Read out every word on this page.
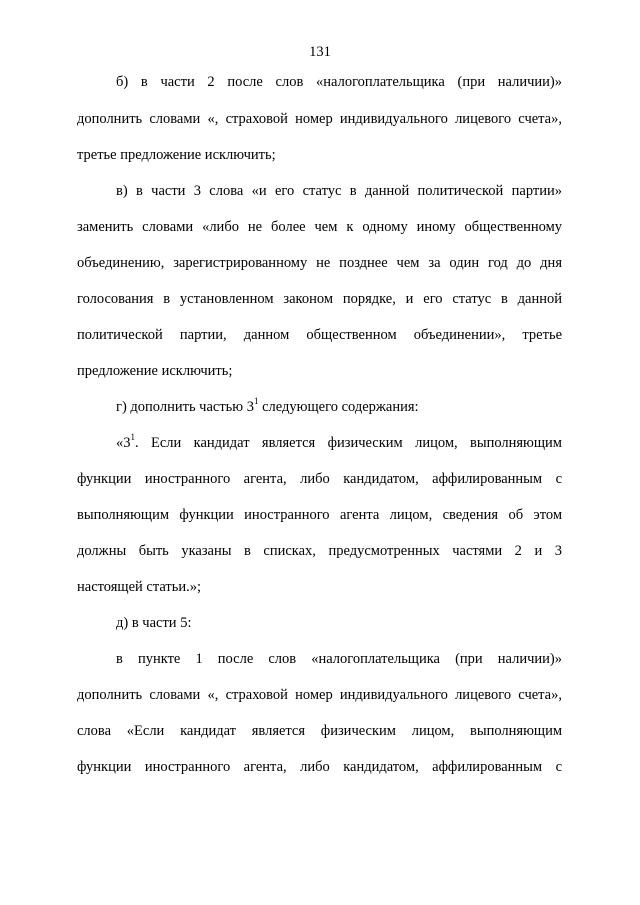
131
б) в части 2 после слов «налогоплательщика (при наличии)»
дополнить словами «, страховой номер индивидуального лицевого счета»,
третье предложение исключить;
в) в части 3 слова «и его статус в данной политической партии»
заменить словами «либо не более чем к одному иному общественному
объединению, зарегистрированному не позднее чем за один год до дня
голосования в установленном законом порядке, и его статус в данной
политической партии, данном общественном объединении», третье
предложение исключить;
г) дополнить частью $3^1$ следующего содержания:
«$3^1$. Если кандидат является физическим лицом, выполняющим
функции иностранного агента, либо кандидатом, аффилированным с
выполняющим функции иностранного агента лицом, сведения об этом
должны быть указаны в списках, предусмотренных частями 2 и 3
настоящей статьи.»;
д) в части 5:
в пункте 1 после слов «налогоплательщика (при наличии)»
дополнить словами «, страховой номер индивидуального лицевого счета»,
слова «Если кандидат является физическим лицом, выполняющим
функции иностранного агента, либо кандидатом, аффилированным с
